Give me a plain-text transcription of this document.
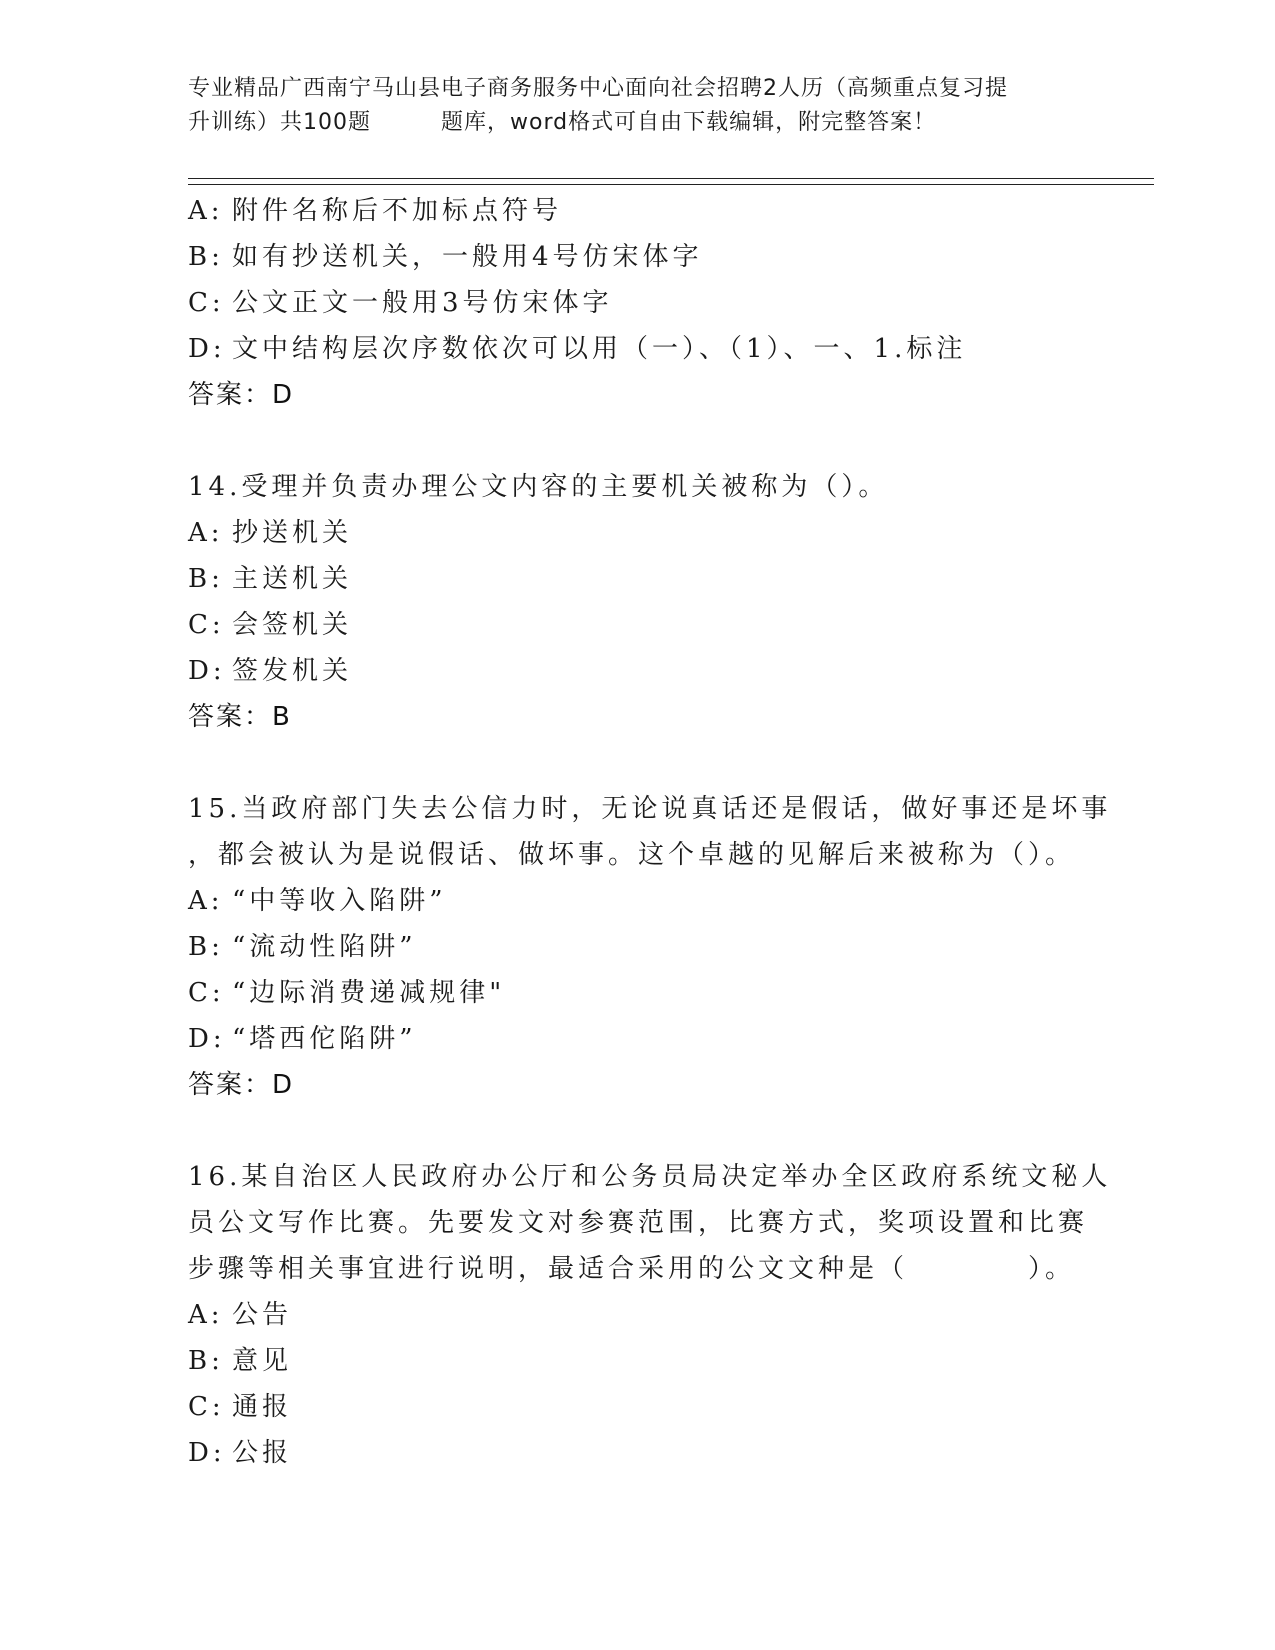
专业精品广西南宁马山县电子商务服务中心面向社会招聘2人历（高频重点复习提
升训练）共100题	题库，word格式可自由下载编辑，附完整答案！
A: 附件名称后不加标点符号
B: 如有抄送机关，一般用4号仿宋体字
C: 公文正文一般用3号仿宋体字
D: 文中结构层次序数依次可以用（一）、（1）、一、1.标注
答案：D
14.受理并负责办理公文内容的主要机关被称为（）。
A: 抄送机关
B: 主送机关
C: 会签机关
D: 签发机关
答案：B
15.当政府部门失去公信力时，无论说真话还是假话，做好事还是坏事
，都会被认为是说假话、做坏事。这个卓越的见解后来被称为（）。
A: “中等收入陷阱”
B: “流动性陷阱”
C: “边际消费递减规律"
D: “塔西佗陷阱”
答案：D
16.某自治区人民政府办公厅和公务员局决定举办全区政府系统文秘人
员公文写作比赛。先要发文对参赛范围，比赛方式，奖项设置和比赛
步骤等相关事宜进行说明，最适合采用的公文文种是（	）。
A: 公告
B: 意见
C: 通报
D: 公报
